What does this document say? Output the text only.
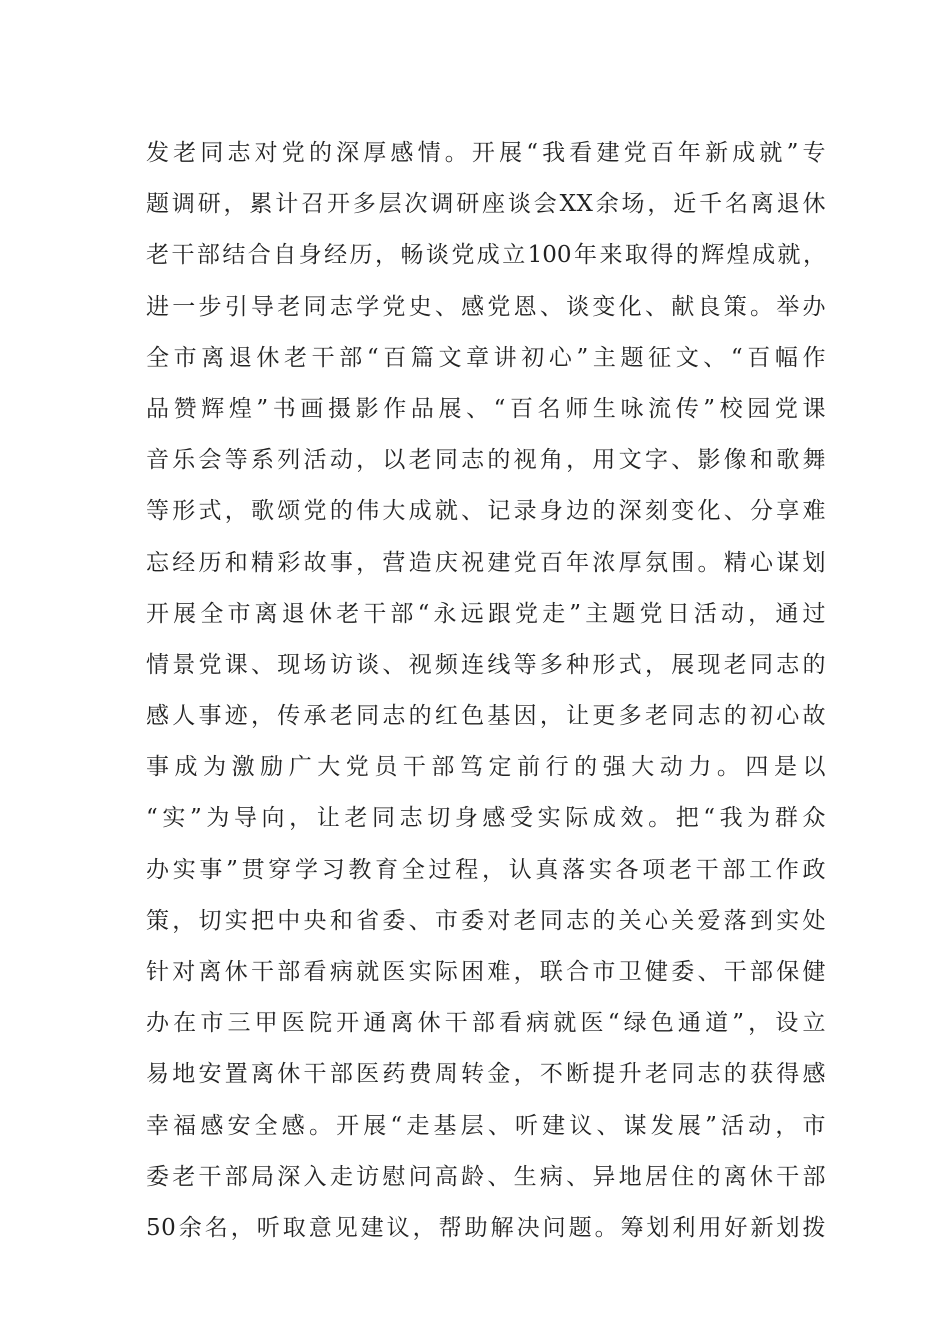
发老同志对党的深厚感情。开展“我看建党百年新成就”专
题调研，累计召开多层次调研座谈会XX余场，近千名离退休
老干部结合自身经历，畅谈党成立100年来取得的辉煌成就，
进一步引导老同志学党史、感党恩、谈变化、献良策。举办
全市离退休老干部“百篇文章讲初心”主题征文、“百幅作
品赞辉煌”书画摄影作品展、“百名师生咏流传”校园党课
音乐会等系列活动，以老同志的视角，用文字、影像和歌舞
等形式，歌颂党的伟大成就、记录身边的深刻变化、分享难
忘经历和精彩故事，营造庆祝建党百年浓厚氛围。精心谋划
开展全市离退休老干部“永远跟党走”主题党日活动，通过
情景党课、现场访谈、视频连线等多种形式，展现老同志的
感人事迹，传承老同志的红色基因，让更多老同志的初心故
事成为激励广大党员干部笃定前行的强大动力。四是以
“实”为导向，让老同志切身感受实际成效。把“我为群众
办实事”贯穿学习教育全过程，认真落实各项老干部工作政
策，切实把中央和省委、市委对老同志的关心关爱落到实处
针对离休干部看病就医实际困难，联合市卫健委、干部保健
办在市三甲医院开通离休干部看病就医“绿色通道”，设立
易地安置离休干部医药费周转金，不断提升老同志的获得感
幸福感安全感。开展“走基层、听建议、谋发展”活动，市
委老干部局深入走访慰问高龄、生病、异地居住的离休干部
50余名，听取意见建议，帮助解决问题。筹划利用好新划拨
